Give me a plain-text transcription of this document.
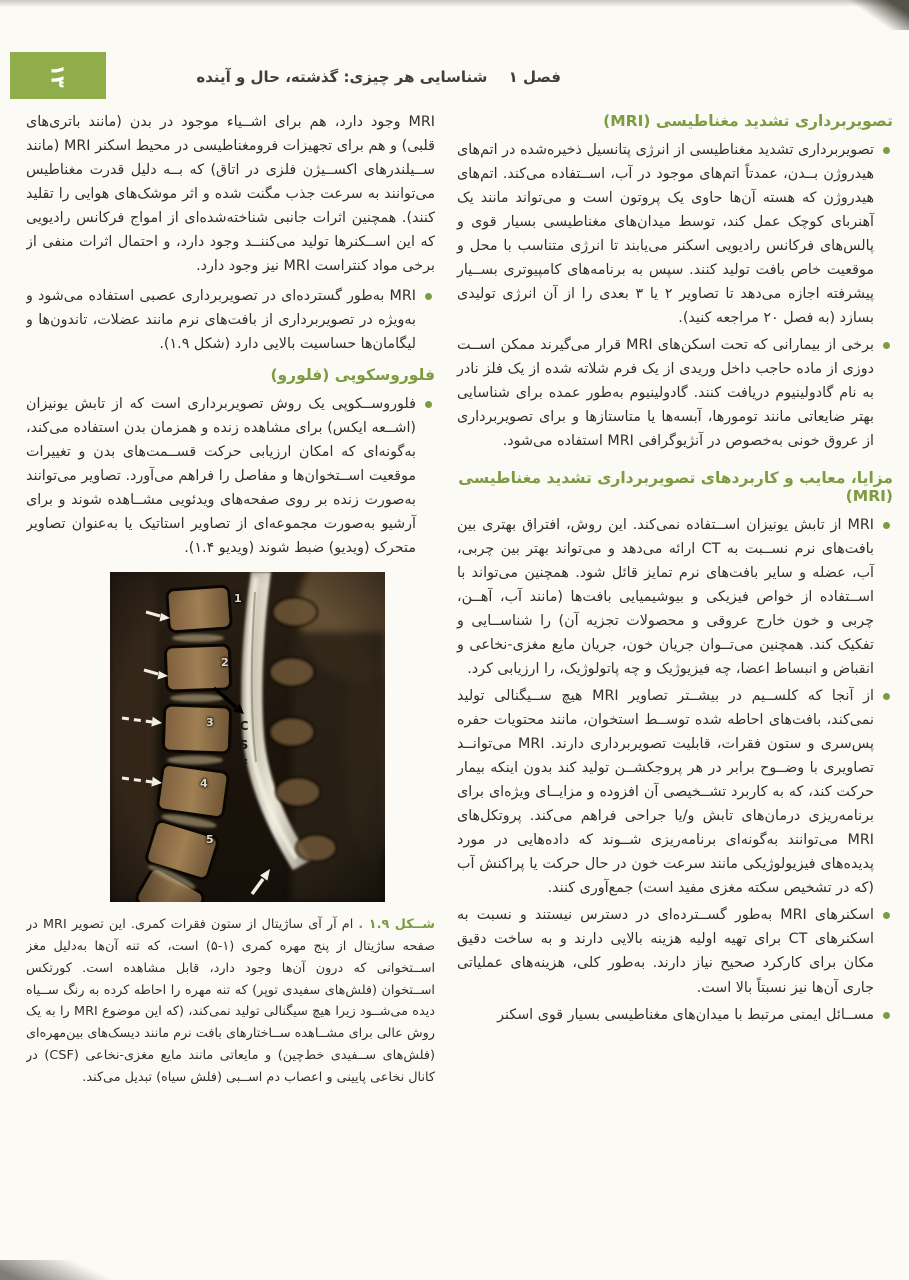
۱۳	فصل ۱ شناسایی هر چیزی: گذشته، حال و آینده
تصویربرداری تشدید مغناطیسی (MRI)
تصویربرداری تشدید مغناطیسی از انرژی پتانسیل ذخیره‌شده در اتم‌های هیدروژن بــدن، عمدتاً اتم‌های موجود در آب، اســتفاده می‌کند. اتم‌های هیدروژن که هسته آن‌ها حاوی یک پروتون است و می‌تواند مانند یک آهنربای کوچک عمل کند، توسط میدان‌های مغناطیسی بسیار قوی و پالس‌های فرکانس رادیویی اسکنر می‌یابند تا انرژی متناسب با محل و موقعیت خاص بافت تولید کنند. سپس به برنامه‌های کامپیوتری بســیار پیشرفته اجازه می‌دهد تا تصاویر ۲ یا ۳ بعدی را از آن انرژی تولیدی بسازد (به فصل ۲۰ مراجعه کنید).
برخی از بیمارانی که تحت اسکن‌های MRI قرار می‌گیرند ممکن اســت دوزی از ماده حاجب داخل وریدی از یک فرم شلاته شده از یک فلز نادر به نام گادولینیوم دریافت کنند. گادولینیوم به‌طور عمده برای شناسایی بهتر ضایعاتی مانند تومورها، آبسه‌ها یا متاستازها و برای تصویربرداری از عروق خونی به‌خصوص در آنژیوگرافی MRI استفاده می‌شود.
مزایا، معایب و کاربردهای تصویربرداری تشدید مغناطیسی (MRI)
MRI از تابش یونیزان اســتفاده نمی‌کند. این روش، افتراق بهتری بین بافت‌های نرم نســبت به CT ارائه می‌دهد و می‌تواند بهتر بین چربی، آب، عضله و سایر بافت‌های نرم تمایز قائل شود. همچنین می‌تواند با اســتفاده از خواص فیزیکی و بیوشیمیایی بافت‌ها (مانند آب، آهــن، چربی و خون خارج عروقی و محصولات تجزیه آن) را شناســایی و تفکیک کند. همچنین می‌تــوان جریان خون، جریان مایع مغزی-نخاعی و انقباض و انبساط اعضا، چه فیزیوژیک و چه پاتولوژیک، را ارزیابی کرد.
از آنجا که کلســیم در بیشــتر تصاویر MRI هیچ ســیگنالی تولید نمی‌کند، بافت‌های احاطه شده توســط استخوان، مانند محتویات حفره پس‌سری و ستون فقرات، قابلیت تصویربرداری دارند. MRI می‌توانــد تصاویری با وضــوح برابر در هر پروجکشــن تولید کند بدون اینکه بیمار حرکت کند، که به کاربرد تشــخیصی آن افزوده و مزایــای ویژه‌ای برای برنامه‌ریزی درمان‌های تابش و/یا جراحی فراهم می‌کند. پروتکل‌های MRI می‌توانند به‌گونه‌ای برنامه‌ریزی شــوند که داده‌هایی در مورد پدیده‌های فیزیولوژیکی مانند سرعت خون در حال حرکت یا پراکنش آب (که در تشخیص سکته مغزی مفید است) جمع‌آوری کنند.
اسکنرهای MRI به‌طور گســترده‌ای در دسترس نیستند و نسبت به اسکنرهای CT برای تهیه اولیه هزینه بالایی دارند و به ساخت دقیق مکان برای کارکرد صحیح نیاز دارند. به‌طور کلی، هزینه‌های عملیاتی جاری آن‌ها نیز نسبتاً بالا است.
مســائل ایمنی مرتبط با میدان‌های مغناطیسی بسیار قوی اسکنر

MRI وجود دارد، هم برای اشــیاء موجود در بدن (مانند باتری‌های قلبی) و هم برای تجهیزات فرومغناطیسی در محیط اسکنر MRI (مانند ســیلندرهای اکســیژن فلزی در اتاق) که بــه دلیل قدرت مغناطیس می‌توانند به سرعت جذب مگنت شده و اثر موشک‌های هوایی را تقلید کنند). همچنین اثرات جانبی شناخته‌شده‌ای از امواج فرکانس رادیویی که این اســکنرها تولید می‌کننــد وجود دارد، و احتمال اثرات منفی از برخی مواد کنتراست MRI نیز وجود دارد.

MRI به‌طور گسترده‌ای در تصویربرداری عصبی استفاده می‌شود و به‌ویژه در تصویربرداری از بافت‌های نرم مانند عضلات، تاندون‌ها و لیگامان‌ها حساسیت بالایی دارد (شکل ۱.۹).
فلوروسکوپی (فلورو)
فلوروســکوپی یک روش تصویربرداری است که از تابش یونیزان (اشــعه ایکس) برای مشاهده زنده و همزمان بدن استفاده می‌کند، به‌گونه‌ای که امکان ارزیابی حرکت قســمت‌های بدن و تغییرات موقعیت اســتخوان‌ها و مفاصل را فراهم می‌آورد. تصاویر می‌توانند به‌صورت زنده بر روی صفحه‌های ویدئویی مشــاهده شوند و برای آرشیو به‌صورت مجموعه‌ای از تصاویر استاتیک یا به‌عنوان تصاویر متحرک (ویدیو) ضبط شوند (ویدیو ۱.۴).
1
2
3
4
5
CSF
شــکل ۱.۹ . ام آر آی ساژیتال از ستون فقرات کمری. این تصویر MRI در صفحه ساژیتال از پنج مهره کمری (۱-۵) است، که تنه آن‌ها به‌دلیل مغز اســتخوانی که درون آن‌ها وجود دارد، قابل مشاهده است. کورتکس اســتخوان (فلش‌های سفیدی توپر) که تنه مهره را احاطه کرده به رنگ ســیاه دیده می‌شــود زیرا هیچ سیگنالی تولید نمی‌کند، (که این موضوع MRI را به یک روش عالی برای مشــاهده ســاختارهای بافت نرم مانند دیسک‌های بین‌مهره‌ای (فلش‌های ســفیدی خط‌چین) و مایعاتی مانند مایع مغزی-نخاعی (CSF) در کانال نخاعی پایینی و اعصاب دم اســبی (فلش سیاه) تبدیل می‌کند.
